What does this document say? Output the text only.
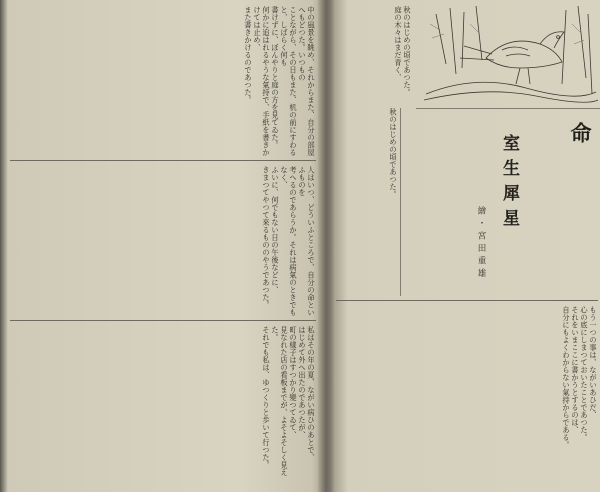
中の風景を眺め、それからまた、自分の部屋へもどつた。いつもの

ことながら、その日もまた、机の前にすわると、しばらく何も

書けずに、ぼんやりと庭の方を見てゐた。

何かに追はれるやうな氣持で、手紙を書きかけては止め、

また書きかけるのであつた。

人はいつ、どういふところで、自分の命といふものを

考へるのであらうか。それは病氣のときでもなく、

ふいに、何でもない日の午後などに、

きまつてやつて來るもののやうであつた。

私はその年の夏、ながい病ひのあとで、

はじめて外へ出たのであつたが、

町の樣子はすつかり變つてゐて、

見なれた店の看板までが、よそよそしく見えた。

それでも私は、ゆつくりと歩いて行つた。

秋のはじめの頃であつた。

庭の木々はまだ青く、

命
室生犀星
繪・宮田重雄

秋のはじめの頃であつた。

もう一つの事は、ながいあひだ、

心の底にしまつておいたことであつた。

それをいまここに書かうとするのは、

自分にもよくわからない氣持からである。
